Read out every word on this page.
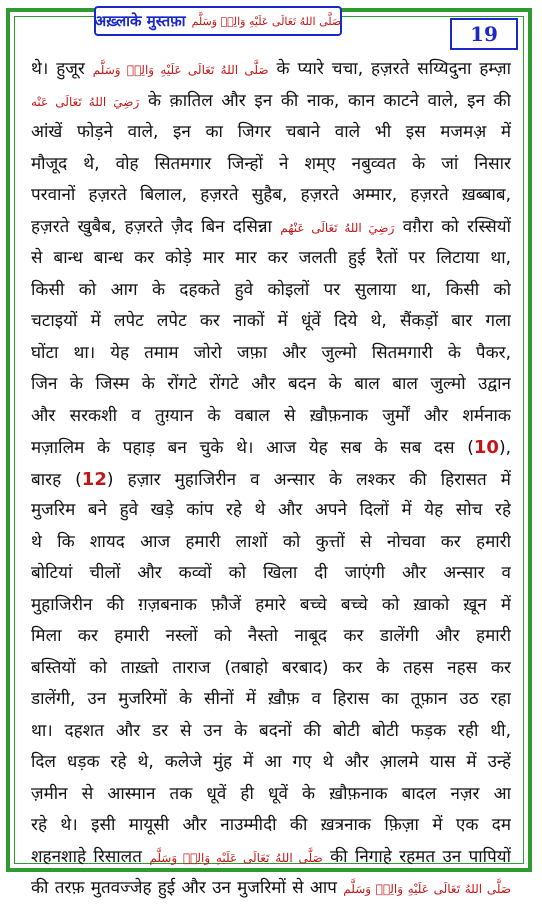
अख़्लाके मुस्तफ़ा صَلَّى اللهُ تَعَالَى عَلَيْهِ وَالِهٖ وَسَلَّم
19
थे। हुजूर صَلَّى اللهُ تَعَالَى عَلَيْهِ وَالِهٖ وَسَلَّم के प्यारे चचा, हज़रते सय्यिदुना हम्ज़ा
رَضِيَ اللهُ تَعَالَى عَنْه के क़ातिल और इन की नाक, कान काटने वाले, इन की
आंखें फोड़ने वाले, इन का जिगर चबाने वाले भी इस मजमअ़ में
मौजूद थे, वोह सितमगार जिन्हों ने शम्ए नबुव्वत के जां निसार
परवानों हज़रते बिलाल, हज़रते सुहैब, हज़रते अम्मार, हज़रते ख़ब्बाब,
हज़रते खुबैब, हज़रते ज़ैद बिन दसिन्ना رَضِيَ اللهُ تَعَالَى عَنْهُم वग़ैरा को रस्सियों
से बान्ध बान्ध कर कोड़े मार मार कर जलती हुई रैतों पर लिटाया था,
किसी को आग के दहकते हुवे कोइलों पर सुलाया था, किसी को
चटाइयों में लपेट लपेट कर नाकों में धूंवें दिये थे, सैंकड़ों बार गला
घोंटा था। येह तमाम जोरो जफ़ा और जुल्मो सितमगारी के पैकर,
जिन के जिस्म के रोंगटे रोंगटे और बदन के बाल बाल जुल्मो उद्वान
और सरकशी व तुग़्यान के वबाल से ख़ौफ़नाक जुर्मों और शर्मनाक
मज़ालिम के पहाड़ बन चुके थे। आज येह सब के सब दस (10),
बारह (12) हज़ार मुहाजिरीन व अन्सार के लश्कर की हिरासत में
मुजरिम बने हुवे खड़े कांप रहे थे और अपने दिलों में येह सोच रहे
थे कि शायद आज हमारी लाशों को कुत्तों से नोचवा कर हमारी
बोटियां चीलों और कव्वों को खिला दी जाएंगी और अन्सार व
मुहाजिरीन की ग़ज़बनाक फ़ौजें हमारे बच्चे बच्चे को ख़ाको ख़ून में
मिला कर हमारी नस्लों को नैस्तो नाबूद कर डालेंगी और हमारी
बस्तियों को ताख़्तो ताराज (तबाहो बरबाद) कर के तहस नहस कर
डालेंगी, उन मुजरिमों के सीनों में ख़ौफ़ व हिरास का तूफ़ान उठ रहा
था। दहशत और डर से उन के बदनों की बोटी बोटी फड़क रही थी,
दिल धड़क रहे थे, कलेजे मुंह में आ गए थे और आ़लमे यास में उन्हें
ज़मीन से आस्मान तक धूवें ही धूवें के ख़ौफ़नाक बादल नज़र आ
रहे थे। इसी मायूसी और नाउम्मीदी की ख़त्रनाक फ़िज़ा में एक दम
शहनशाहे रिसालत صَلَّى اللهُ تَعَالَى عَلَيْهِ وَالِهٖ وَسَلَّم की निगाहे रहमत उन पापियों
की तरफ़ मुतवज्जेह हुई और उन मुजरिमों से आप صَلَّى اللهُ تَعَالَى عَلَيْهِ وَالِهٖ وَسَلَّم
